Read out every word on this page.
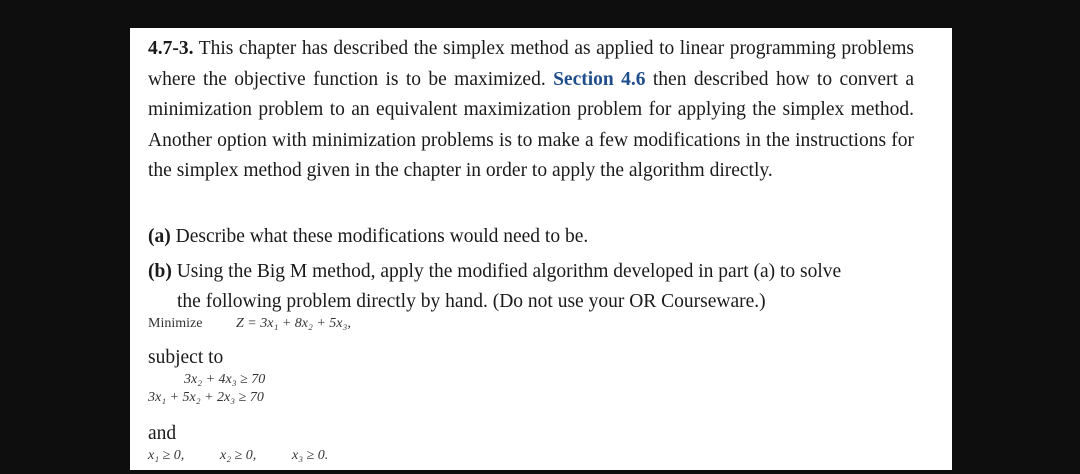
4.7-3. This chapter has described the simplex method as applied to linear programming problems where the objective function is to be maximized. Section 4.6 then described how to convert a minimization problem to an equivalent maximization problem for applying the simplex method. Another option with minimization problems is to make a few modifications in the instructions for the simplex method given in the chapter in order to apply the algorithm directly.
(a) Describe what these modifications would need to be.
(b) Using the Big M method, apply the modified algorithm developed in part (a) to solve
the following problem directly by hand. (Do not use your OR Courseware.)
Minimize Z = 3x₁ + 8x₂ + 5x₃,
subject to
3x₂ + 4x₃ ≥ 70
3x₁ + 5x₂ + 2x₃ ≥ 70
and
x₁ ≥ 0,	x₂ ≥ 0,	x₃ ≥ 0.
